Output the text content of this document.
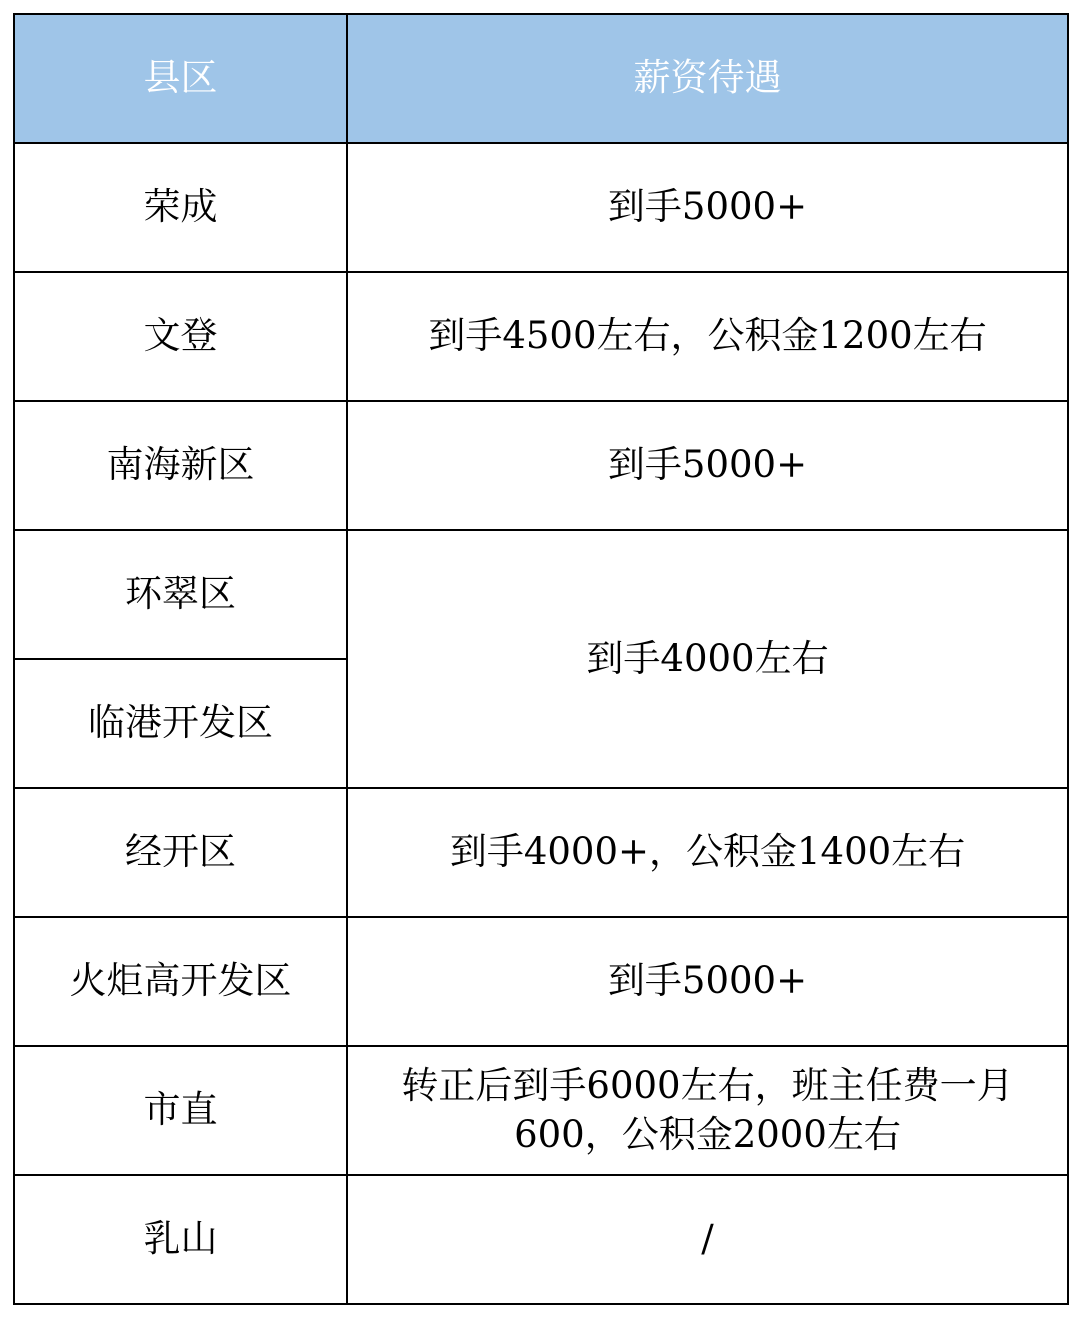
县区	薪资待遇
荣成	到手5000+
文登	到手4500左右，公积金1200左右
南海新区	到手5000+
环翠区	到手4000左右
临港开发区	
经开区	到手4000+，公积金1400左右
火炬高开发区	到手5000+
市直	转正后到手6000左右，班主任费一月600，公积金2000左右
乳山	/
